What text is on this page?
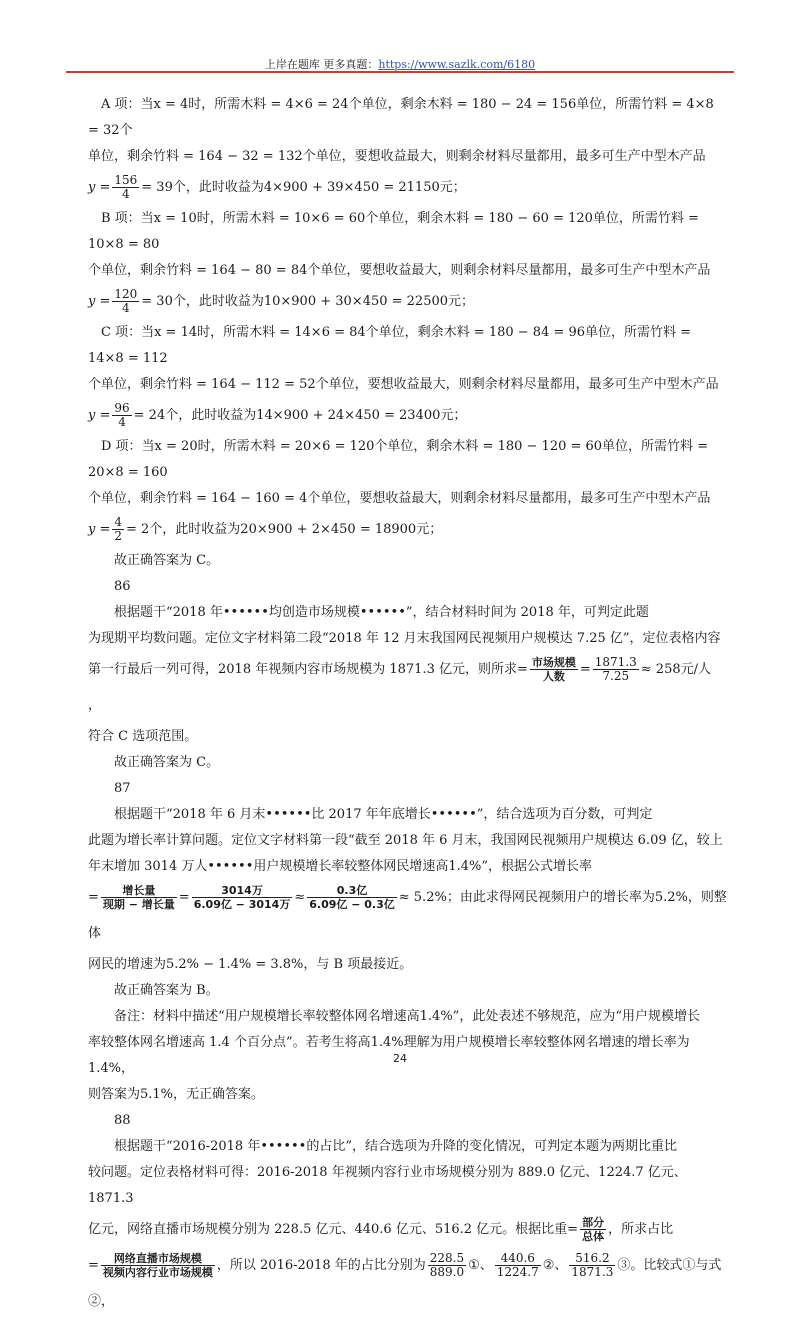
上岸在题库 更多真题：https://www.sazlk.com/6180

A 项：当x = 4时，所需木料 = 4×6 = 24个单位，剩余木料 = 180 − 24 = 156单位，所需竹料 = 4×8 = 32个

单位，剩余竹料 = 164 − 32 = 132个单位，要想收益最大，则剩余材料尽量都用，最多可生产中型木产品

$y = \frac{156}{4} = 39$个，此时收益为4×900 + 39×450 = 21150元；

B 项：当x = 10时，所需木料 = 10×6 = 60个单位，剩余木料 = 180 − 60 = 120单位，所需竹料 = 10×8 = 80

个单位，剩余竹料 = 164 − 80 = 84个单位，要想收益最大，则剩余材料尽量都用，最多可生产中型木产品

$y = \frac{120}{4} = 30$个，此时收益为10×900 + 30×450 = 22500元；

C 项：当x = 14时，所需木料 = 14×6 = 84个单位，剩余木料 = 180 − 84 = 96单位，所需竹料 = 14×8 = 112

个单位，剩余竹料 = 164 − 112 = 52个单位，要想收益最大，则剩余材料尽量都用，最多可生产中型木产品

$y = \frac{96}{4} = 24$个，此时收益为14×900 + 24×450 = 23400元；

D 项：当x = 20时，所需木料 = 20×6 = 120个单位，剩余木料 = 180 − 120 = 60单位，所需竹料 = 20×8 = 160

个单位，剩余竹料 = 164 − 160 = 4个单位，要想收益最大，则剩余材料尽量都用，最多可生产中型木产品

$y = \frac{4}{2} = 2$个，此时收益为20×900 + 2×450 = 18900元；

故正确答案为 C。

86

根据题干“2018 年••••••均创造市场规模••••••”，结合材料时间为 2018 年，可判定此题

为现期平均数问题。定位文字材料第二段“2018 年 12 月末我国网民视频用户规模达 7.25 亿”，定位表格内容

第一行最后一列可得，2018 年视频内容市场规模为 1871.3 亿元，则所求= $\frac{\text{市场规模}}{\text{人数}} = \frac{1871.3}{7.25} \approx 258$元/人 ，

符合 C 选项范围。

故正确答案为 C。

87

根据题干“2018 年 6 月末••••••比 2017 年年底增长••••••”，结合选项为百分数，可判定

此题为增长率计算问题。定位文字材料第一段“截至 2018 年 6 月末，我国网民视频用户规模达 6.09 亿，较上

年末增加 3014 万人••••••用户规模增长率较整体网民增速高1.4%”，根据公式增长率

= $\frac{\text{增长量}}{\text{现期 − 增长量}} = \frac{\text{3014万}}{\text{6.09亿 − 3014万}} \approx \frac{\text{0.3亿}}{\text{6.09亿 − 0.3亿}} \approx 5.2\%$；由此求得网民视频用户的增长率为5.2%，则整体

网民的增速为5.2% − 1.4% = 3.8%，与 B 项最接近。

故正确答案为 B。

备注：材料中描述“用户规模增长率较整体网名增速高1.4%”，此处表述不够规范，应为“用户规模增长

率较整体网名增速高 1.4 个百分点”。若考生将高1.4%理解为用户规模增长率较整体网名增速的增长率为1.4%，

则答案为5.1%，无正确答案。

88

根据题干“2016-2018 年••••••的占比”，结合选项为升降的变化情况，可判定本题为两期比重比

较问题。定位表格材料可得：2016-2018 年视频内容行业市场规模分别为 889.0 亿元、1224.7 亿元、1871.3

亿元，网络直播市场规模分别为 228.5 亿元、440.6 亿元、516.2 亿元。根据比重= $\frac{\text{部分}}{\text{总体}}$ ，所求占比

= $\frac{\text{网络直播市场规模}}{\text{视频内容行业市场规模}}$ ，所以 2016-2018 年的占比分别为 $\frac{228.5}{889.0}$ ①、 $\frac{440.6}{1224.7}$ ②、 $\frac{516.2}{1871.3}$ ③。比较式①与式②，

24
